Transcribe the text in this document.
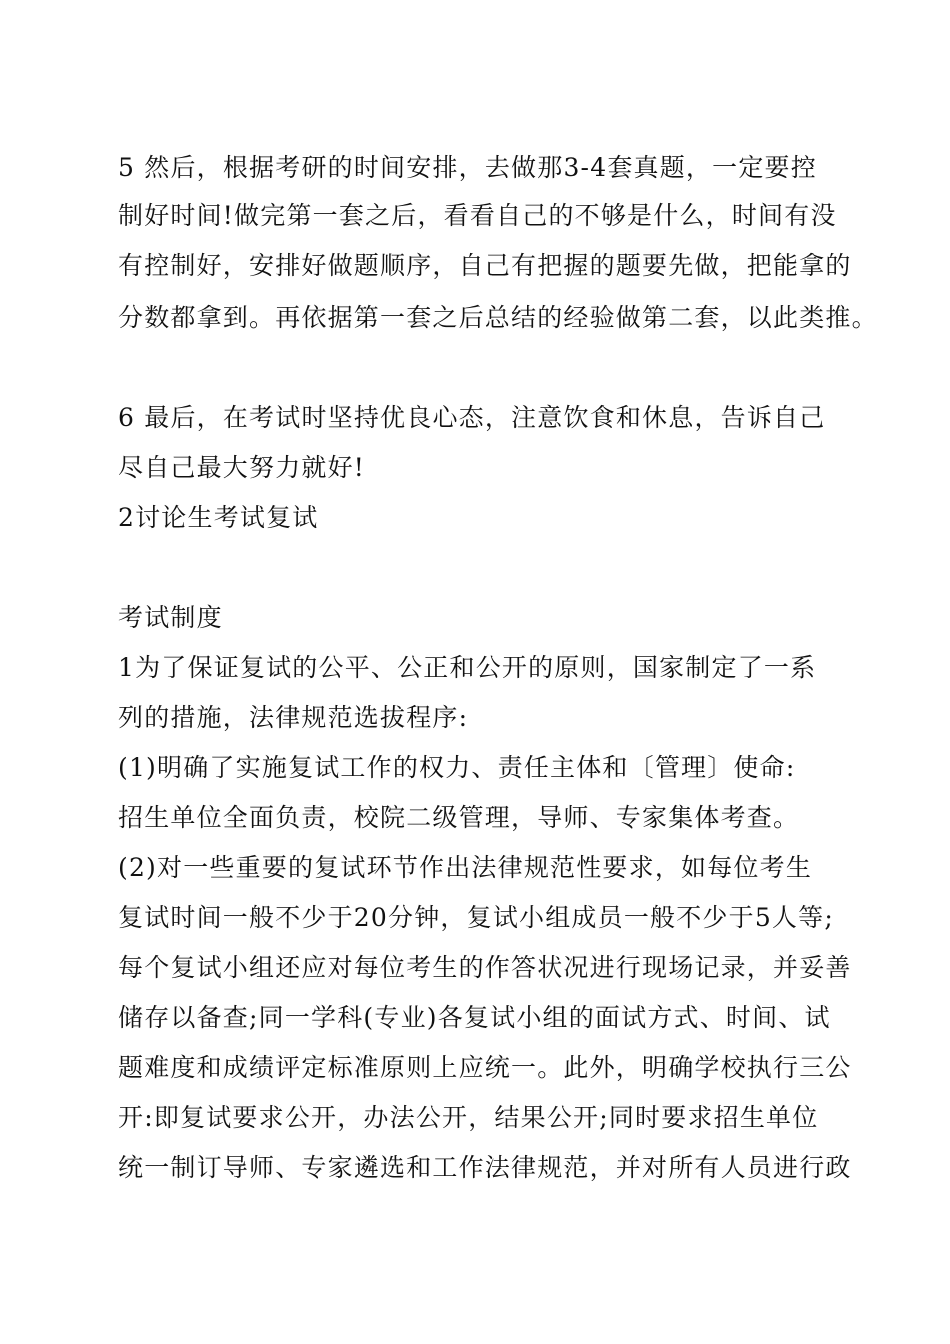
5 然后，根据考研的时间安排，去做那3-4套真题，一定要控
制好时间!做完第一套之后，看看自己的不够是什么，时间有没
有控制好，安排好做题顺序，自己有把握的题要先做，把能拿的
分数都拿到。再依据第一套之后总结的经验做第二套，以此类推。
6 最后，在考试时坚持优良心态，注意饮食和休息，告诉自己
尽自己最大努力就好!
2讨论生考试复试
考试制度
1为了保证复试的公平、公正和公开的原则，国家制定了一系
列的措施，法律规范选拔程序:
(1)明确了实施复试工作的权力、责任主体和〔管理〕使命:
招生单位全面负责，校院二级管理，导师、专家集体考查。
(2)对一些重要的复试环节作出法律规范性要求，如每位考生
复试时间一般不少于20分钟，复试小组成员一般不少于5人等;
每个复试小组还应对每位考生的作答状况进行现场记录，并妥善
储存以备查;同一学科(专业)各复试小组的面试方式、时间、试
题难度和成绩评定标准原则上应统一。此外，明确学校执行三公
开:即复试要求公开，办法公开，结果公开;同时要求招生单位
统一制订导师、专家遴选和工作法律规范，并对所有人员进行政
